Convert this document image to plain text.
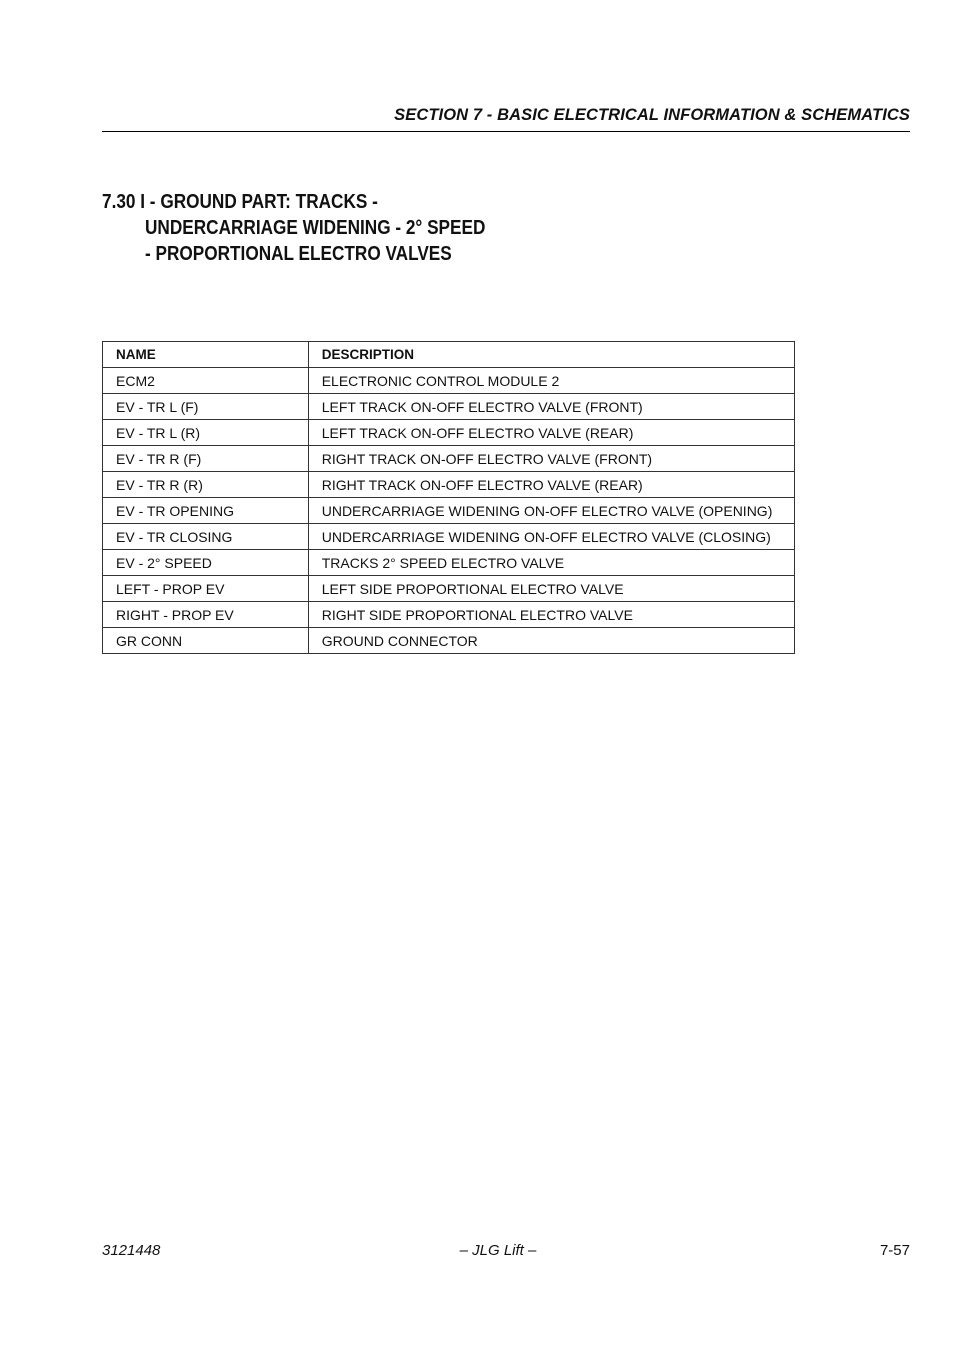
SECTION 7 - BASIC ELECTRICAL INFORMATION & SCHEMATICS
7.30 I - GROUND PART: TRACKS -
UNDERCARRIAGE WIDENING - 2° SPEED
- PROPORTIONAL ELECTRO VALVES
NAME	DESCRIPTION
ECM2	ELECTRONIC CONTROL MODULE 2
EV - TR L (F)	LEFT TRACK ON-OFF ELECTRO VALVE (FRONT)
EV - TR L (R)	LEFT TRACK ON-OFF ELECTRO VALVE (REAR)
EV - TR R (F)	RIGHT TRACK ON-OFF ELECTRO VALVE (FRONT)
EV - TR R (R)	RIGHT TRACK ON-OFF ELECTRO VALVE (REAR)
EV - TR OPENING	UNDERCARRIAGE WIDENING ON-OFF ELECTRO VALVE (OPENING)
EV - TR CLOSING	UNDERCARRIAGE WIDENING ON-OFF ELECTRO VALVE (CLOSING)
EV - 2° SPEED	TRACKS 2° SPEED ELECTRO VALVE
LEFT - PROP EV	LEFT SIDE PROPORTIONAL ELECTRO VALVE
RIGHT - PROP EV	RIGHT SIDE PROPORTIONAL ELECTRO VALVE
GR CONN	GROUND CONNECTOR
3121448	– JLG Lift –	7-57
